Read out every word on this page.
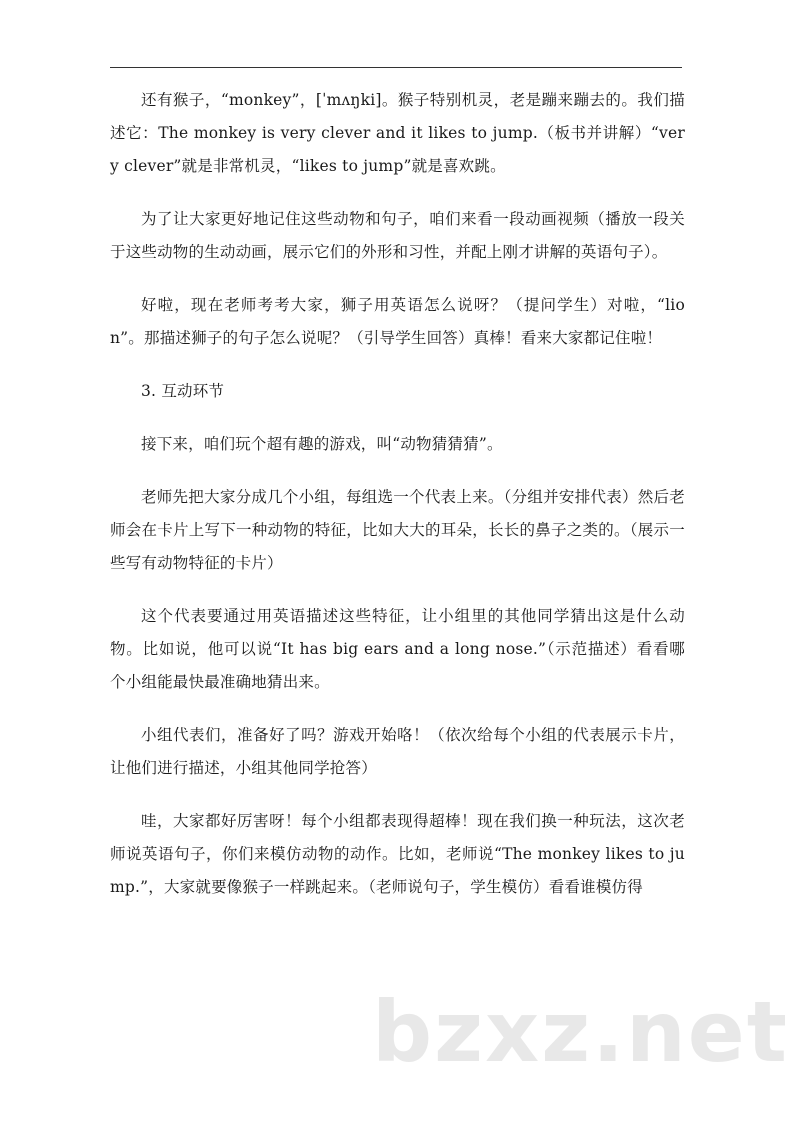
还有猴子，“monkey”，[ˈmʌŋki]。猴子特别机灵，老是蹦来蹦去的。我们描述它：The monkey is very clever and it likes to jump.（板书并讲解）“very clever”就是非常机灵，“likes to jump”就是喜欢跳。

为了让大家更好地记住这些动物和句子，咱们来看一段动画视频（播放一段关于这些动物的生动动画，展示它们的外形和习性，并配上刚才讲解的英语句子）。

好啦，现在老师考考大家，狮子用英语怎么说呀？（提问学生）对啦，“lion”。那描述狮子的句子怎么说呢？（引导学生回答）真棒！看来大家都记住啦！

3. 互动环节

接下来，咱们玩个超有趣的游戏，叫“动物猜猜猜”。

老师先把大家分成几个小组，每组选一个代表上来。（分组并安排代表）然后老师会在卡片上写下一种动物的特征，比如大大的耳朵，长长的鼻子之类的。（展示一些写有动物特征的卡片）

这个代表要通过用英语描述这些特征，让小组里的其他同学猜出这是什么动物。比如说，他可以说“It has big ears and a long nose.”（示范描述）看看哪个小组能最快最准确地猜出来。

小组代表们，准备好了吗？游戏开始咯！（依次给每个小组的代表展示卡片，让他们进行描述，小组其他同学抢答）

哇，大家都好厉害呀！每个小组都表现得超棒！现在我们换一种玩法，这次老师说英语句子，你们来模仿动物的动作。比如，老师说“The monkey likes to jump.”，大家就要像猴子一样跳起来。（老师说句子，学生模仿）看看谁模仿得

bzxz.net
